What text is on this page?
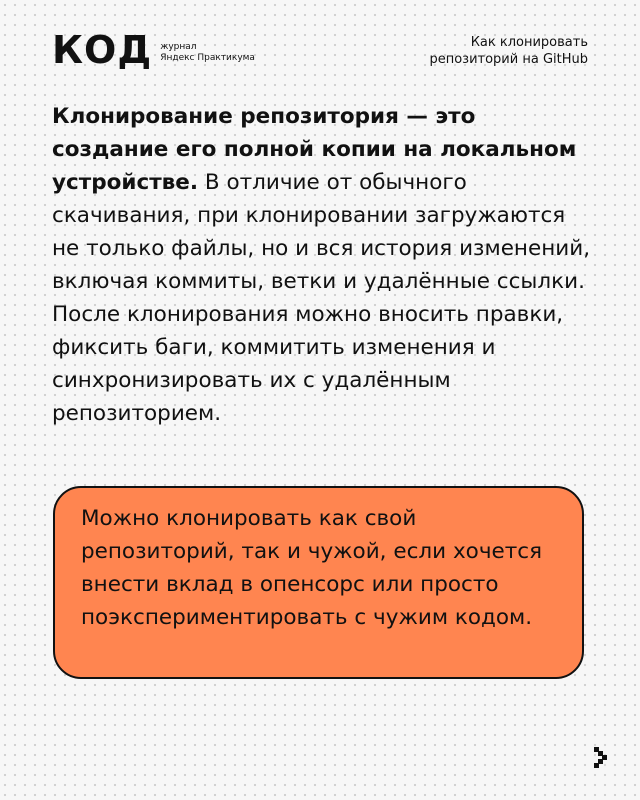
КОД журнал
Яндекс Практикума
Как клонировать
репозиторий на GitHub
Клонирование репозитория — это создание его полной копии на локальном устройстве. В отличие от обычного скачивания, при клонировании загружаются не только файлы, но и вся история изменений, включая коммиты, ветки и удалённые ссылки. После клонирования можно вносить правки, фиксить баги, коммитить изменения и синхронизировать их с удалённым репозиторием.
Можно клонировать как свой репозиторий, так и чужой, если хочется внести вклад в опенсорс или просто поэкспериментировать с чужим кодом.
